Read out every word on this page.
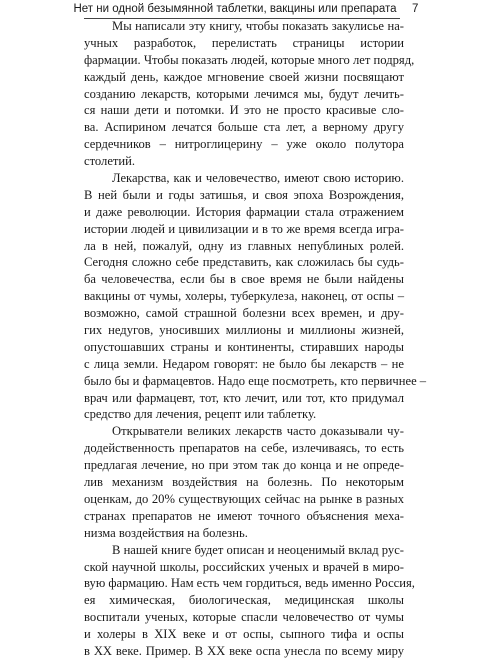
Нет ни одной безымянной таблетки, вакцины или препарата 7
Мы написали эту книгу, чтобы показать закулисье на-
учных разработок, перелистать страницы истории
фармации. Чтобы показать людей, которые много лет подряд,
каждый день, каждое мгновение своей жизни посвящают
созданию лекарств, которыми лечимся мы, будут лечить-
ся наши дети и потомки. И это не просто красивые сло-
ва. Аспирином лечатся больше ста лет, а верному другу
сердечников – нитроглицерину – уже около полутора
столетий.
Лекарства, как и человечество, имеют свою историю.
В ней были и годы затишья, и своя эпоха Возрождения,
и даже революции. История фармации стала отражением
истории людей и цивилизации и в то же время всегда игра-
ла в ней, пожалуй, одну из главных непублиных ролей.
Сегодня сложно себе представить, как сложилась бы судь-
ба человечества, если бы в свое время не были найдены
вакцины от чумы, холеры, туберкулеза, наконец, от оспы –
возможно, самой страшной болезни всех времен, и дру-
гих недугов, уносивших миллионы и миллионы жизней,
опустошавших страны и континенты, стиравших народы
с лица земли. Недаром говорят: не было бы лекарств – не
было бы и фармацевтов. Надо еще посмотреть, кто первичнее –
врач или фармацевт, тот, кто лечит, или тот, кто придумал
средство для лечения, рецепт или таблетку.
Открыватели великих лекарств часто доказывали чу-
додейственность препаратов на себе, излечиваясь, то есть
предлагая лечение, но при этом так до конца и не опреде-
лив механизм воздействия на болезнь. По некоторым
оценкам, до 20% существующих сейчас на рынке в разных
странах препаратов не имеют точного объяснения меха-
низма воздействия на болезнь.
В нашей книге будет описан и неоценимый вклад рус-
ской научной школы, российских ученых и врачей в миро-
вую фармацию. Нам есть чем гордиться, ведь именно Россия,
ея химическая, биологическая, медицинская школы
воспитали ученых, которые спасли человечество от чумы
и холеры в XIX веке и от оспы, сыпного тифа и оспы
в XX веке. Пример. В XX веке оспа унесла по всему миру
